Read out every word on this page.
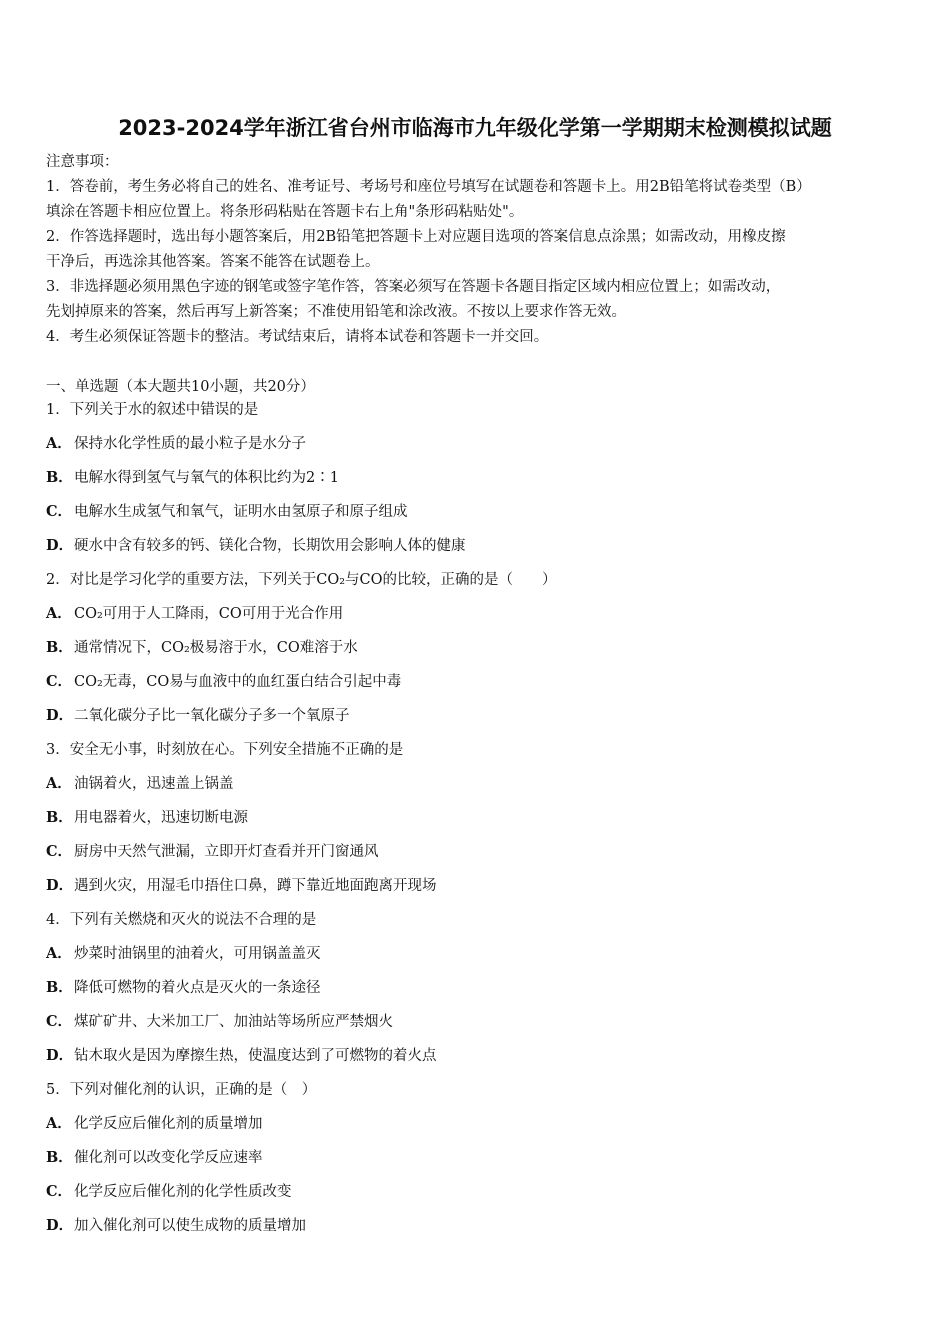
2023-2024学年浙江省台州市临海市九年级化学第一学期期末检测模拟试题
注意事项：
1．答卷前，考生务必将自己的姓名、准考证号、考场号和座位号填写在试题卷和答题卡上。用2B铅笔将试卷类型（B）
填涂在答题卡相应位置上。将条形码粘贴在答题卡右上角"条形码粘贴处"。
2．作答选择题时，选出每小题答案后，用2B铅笔把答题卡上对应题目选项的答案信息点涂黑；如需改动，用橡皮擦
干净后，再选涂其他答案。答案不能答在试题卷上。
3．非选择题必须用黑色字迹的钢笔或签字笔作答，答案必须写在答题卡各题目指定区域内相应位置上；如需改动，
先划掉原来的答案，然后再写上新答案；不准使用铅笔和涂改液。不按以上要求作答无效。
4．考生必须保证答题卡的整洁。考试结束后，请将本试卷和答题卡一并交回。
一、单选题（本大题共10小题，共20分）
1．下列关于水的叙述中错误的是
A． 保持水化学性质的最小粒子是水分子
B．电解水得到氢气与氧气的体积比约为2∶1
C． 电解水生成氢气和氧气，证明水由氢原子和原子组成
D．硬水中含有较多的钙、镁化合物，长期饮用会影响人体的健康
2．对比是学习化学的重要方法，下列关于CO₂与CO的比较，正确的是（　　）
A． CO₂可用于人工降雨，CO可用于光合作用
B．通常情况下，CO₂极易溶于水，CO难溶于水
C． CO₂无毒，CO易与血液中的血红蛋白结合引起中毒
D．二氧化碳分子比一氧化碳分子多一个氧原子
3．安全无小事，时刻放在心。下列安全措施不正确的是
A． 油锅着火，迅速盖上锅盖
B．用电器着火，迅速切断电源
C． 厨房中天然气泄漏，立即开灯查看并开门窗通风
D．遇到火灾，用湿毛巾捂住口鼻，蹲下靠近地面跑离开现场
4．下列有关燃烧和灭火的说法不合理的是
A． 炒菜时油锅里的油着火，可用锅盖盖灭
B．降低可燃物的着火点是灭火的一条途径
C． 煤矿矿井、大米加工厂、加油站等场所应严禁烟火
D．钻木取火是因为摩擦生热，使温度达到了可燃物的着火点
5．下列对催化剂的认识，正确的是（　）
A． 化学反应后催化剂的质量增加
B．催化剂可以改变化学反应速率
C． 化学反应后催化剂的化学性质改变
D．加入催化剂可以使生成物的质量增加
